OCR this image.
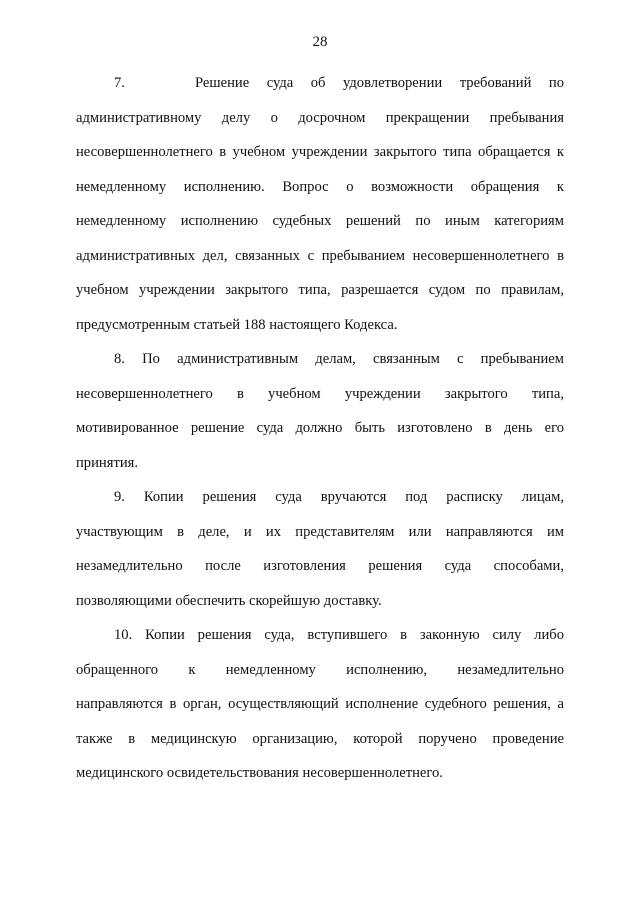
28
7.    Решение суда об удовлетворении требований по
административному делу о досрочном прекращении пребывания
несовершеннолетнего в учебном учреждении закрытого типа обращается к
немедленному исполнению. Вопрос о возможности обращения к
немедленному исполнению судебных решений по иным категориям
административных дел, связанных с пребыванием несовершеннолетнего в
учебном учреждении закрытого типа, разрешается судом по правилам,
предусмотренным статьей 188 настоящего Кодекса.
8. По административным делам, связанным с пребыванием
несовершеннолетнего в учебном учреждении закрытого типа,
мотивированное решение суда должно быть изготовлено в день его
принятия.
9. Копии решения суда вручаются под расписку лицам,
участвующим в деле, и их представителям или направляются им
незамедлительно после изготовления решения суда способами,
позволяющими обеспечить скорейшую доставку.
10. Копии решения суда, вступившего в законную силу либо
обращенного к немедленному исполнению, незамедлительно
направляются в орган, осуществляющий исполнение судебного решения, а
также в медицинскую организацию, которой поручено проведение
медицинского освидетельствования несовершеннолетнего.
